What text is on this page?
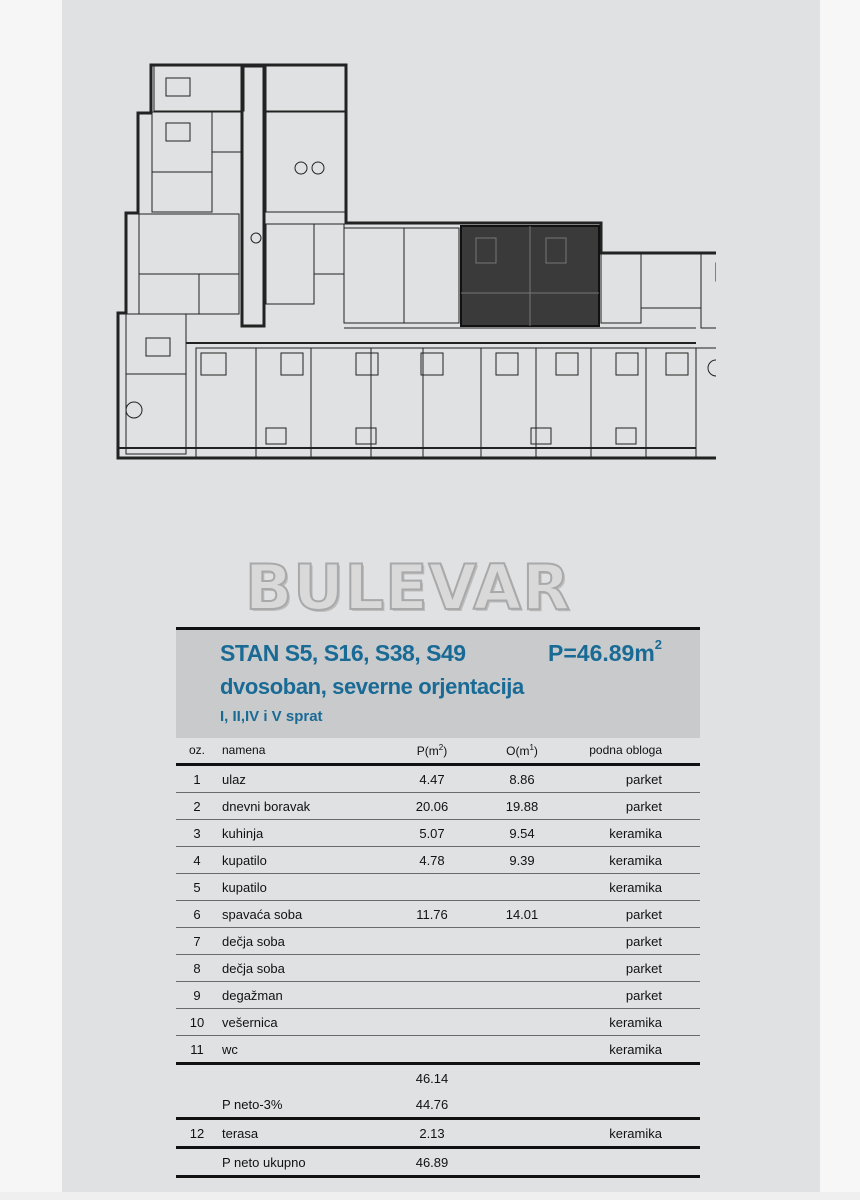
BULEVAR
STAN S5, S16, S38, S49	$P=46.89m^2$
dvosoban, severne orjentacija
I, II,IV i V sprat
oz.	namena	$P(m^2)$	$O(m^1)$	podna obloga
1	ulaz	4.47	8.86	parket
2	dnevni boravak	20.06	19.88	parket
3	kuhinja	5.07	9.54	keramika
4	kupatilo	4.78	9.39	keramika
5	kupatilo			keramika
6	spavaća soba	11.76	14.01	parket
7	dečja soba			parket
8	dečja soba			parket
9	degažman			parket
10	vešernica			keramika
11	wc			keramika
		46.14		
	P neto-3%	44.76		
12	terasa	2.13		keramika
	P neto ukupno	46.89		
